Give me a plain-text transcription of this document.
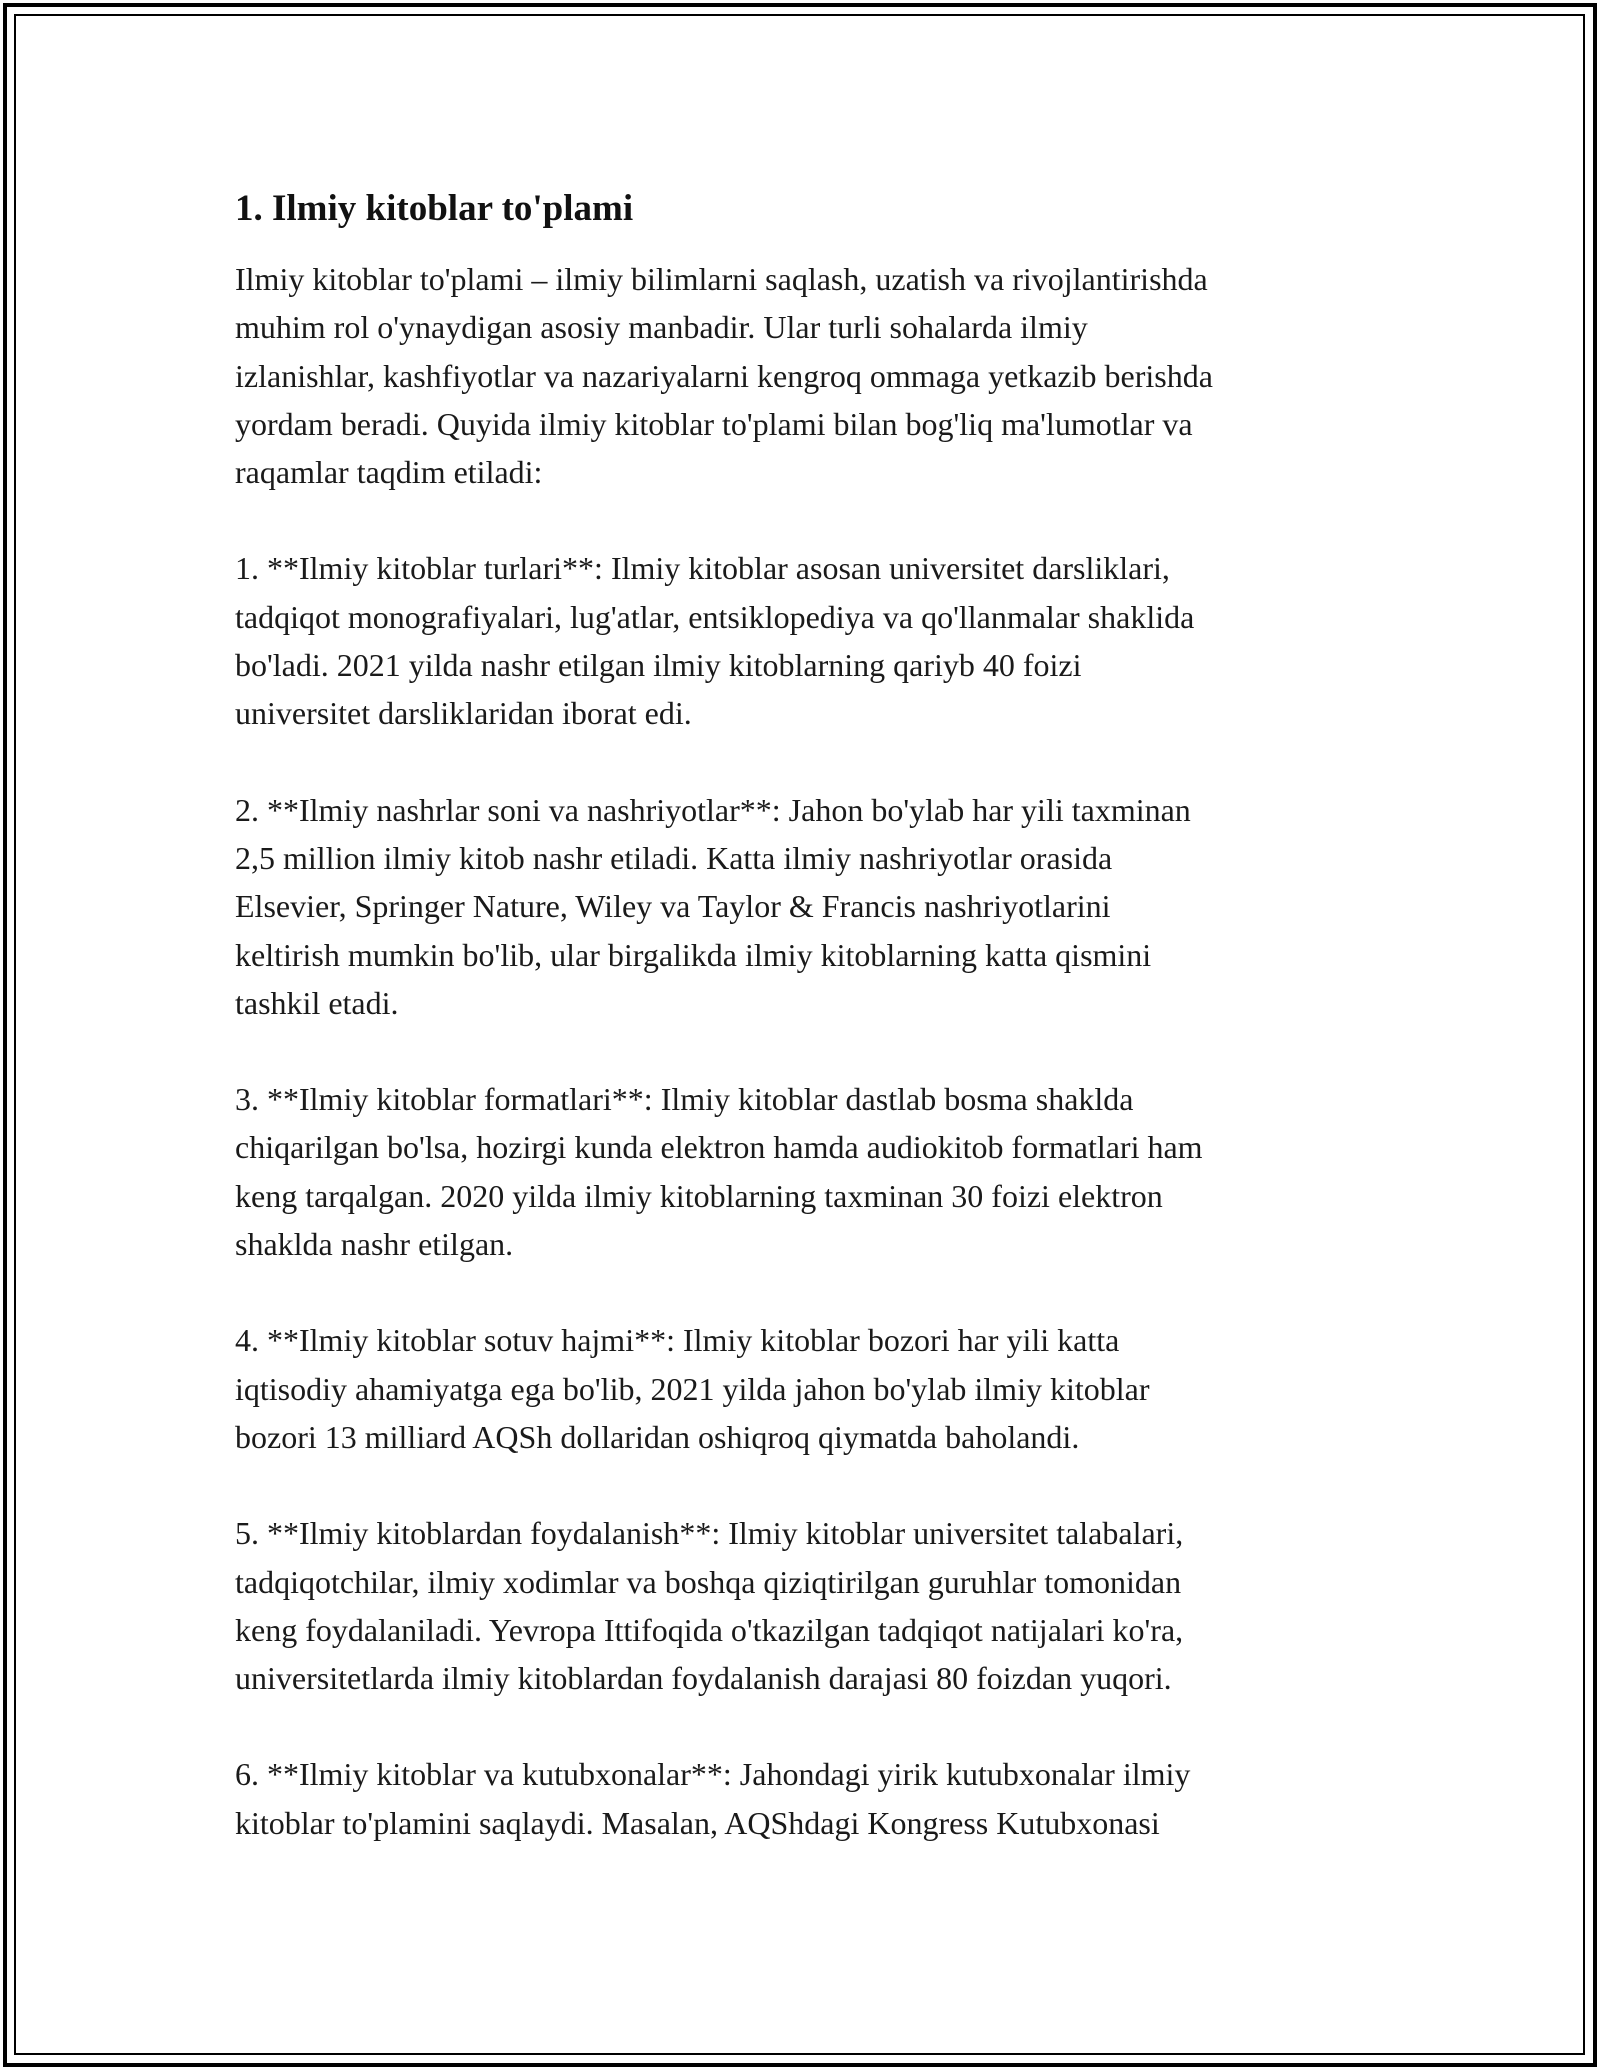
1. Ilmiy kitoblar to'plami

Ilmiy kitoblar to'plami – ilmiy bilimlarni saqlash, uzatish va rivojlantirishda
muhim rol o'ynaydigan asosiy manbadir. Ular turli sohalarda ilmiy
izlanishlar, kashfiyotlar va nazariyalarni kengroq ommaga yetkazib berishda
yordam beradi. Quyida ilmiy kitoblar to'plami bilan bog'liq ma'lumotlar va
raqamlar taqdim etiladi:

1. **Ilmiy kitoblar turlari**: Ilmiy kitoblar asosan universitet darsliklari,
tadqiqot monografiyalari, lug'atlar, entsiklopediya va qo'llanmalar shaklida
bo'ladi. 2021 yilda nashr etilgan ilmiy kitoblarning qariyb 40 foizi
universitet darsliklaridan iborat edi.

2. **Ilmiy nashrlar soni va nashriyotlar**: Jahon bo'ylab har yili taxminan
2,5 million ilmiy kitob nashr etiladi. Katta ilmiy nashriyotlar orasida
Elsevier, Springer Nature, Wiley va Taylor & Francis nashriyotlarini
keltirish mumkin bo'lib, ular birgalikda ilmiy kitoblarning katta qismini
tashkil etadi.

3. **Ilmiy kitoblar formatlari**: Ilmiy kitoblar dastlab bosma shaklda
chiqarilgan bo'lsa, hozirgi kunda elektron hamda audiokitob formatlari ham
keng tarqalgan. 2020 yilda ilmiy kitoblarning taxminan 30 foizi elektron
shaklda nashr etilgan.

4. **Ilmiy kitoblar sotuv hajmi**: Ilmiy kitoblar bozori har yili katta
iqtisodiy ahamiyatga ega bo'lib, 2021 yilda jahon bo'ylab ilmiy kitoblar
bozori 13 milliard AQSh dollaridan oshiqroq qiymatda baholandi.

5. **Ilmiy kitoblardan foydalanish**: Ilmiy kitoblar universitet talabalari,
tadqiqotchilar, ilmiy xodimlar va boshqa qiziqtirilgan guruhlar tomonidan
keng foydalaniladi. Yevropa Ittifoqida o'tkazilgan tadqiqot natijalari ko'ra,
universitetlarda ilmiy kitoblardan foydalanish darajasi 80 foizdan yuqori.

6. **Ilmiy kitoblar va kutubxonalar**: Jahondagi yirik kutubxonalar ilmiy
kitoblar to'plamini saqlaydi. Masalan, AQShdagi Kongress Kutubxonasi
